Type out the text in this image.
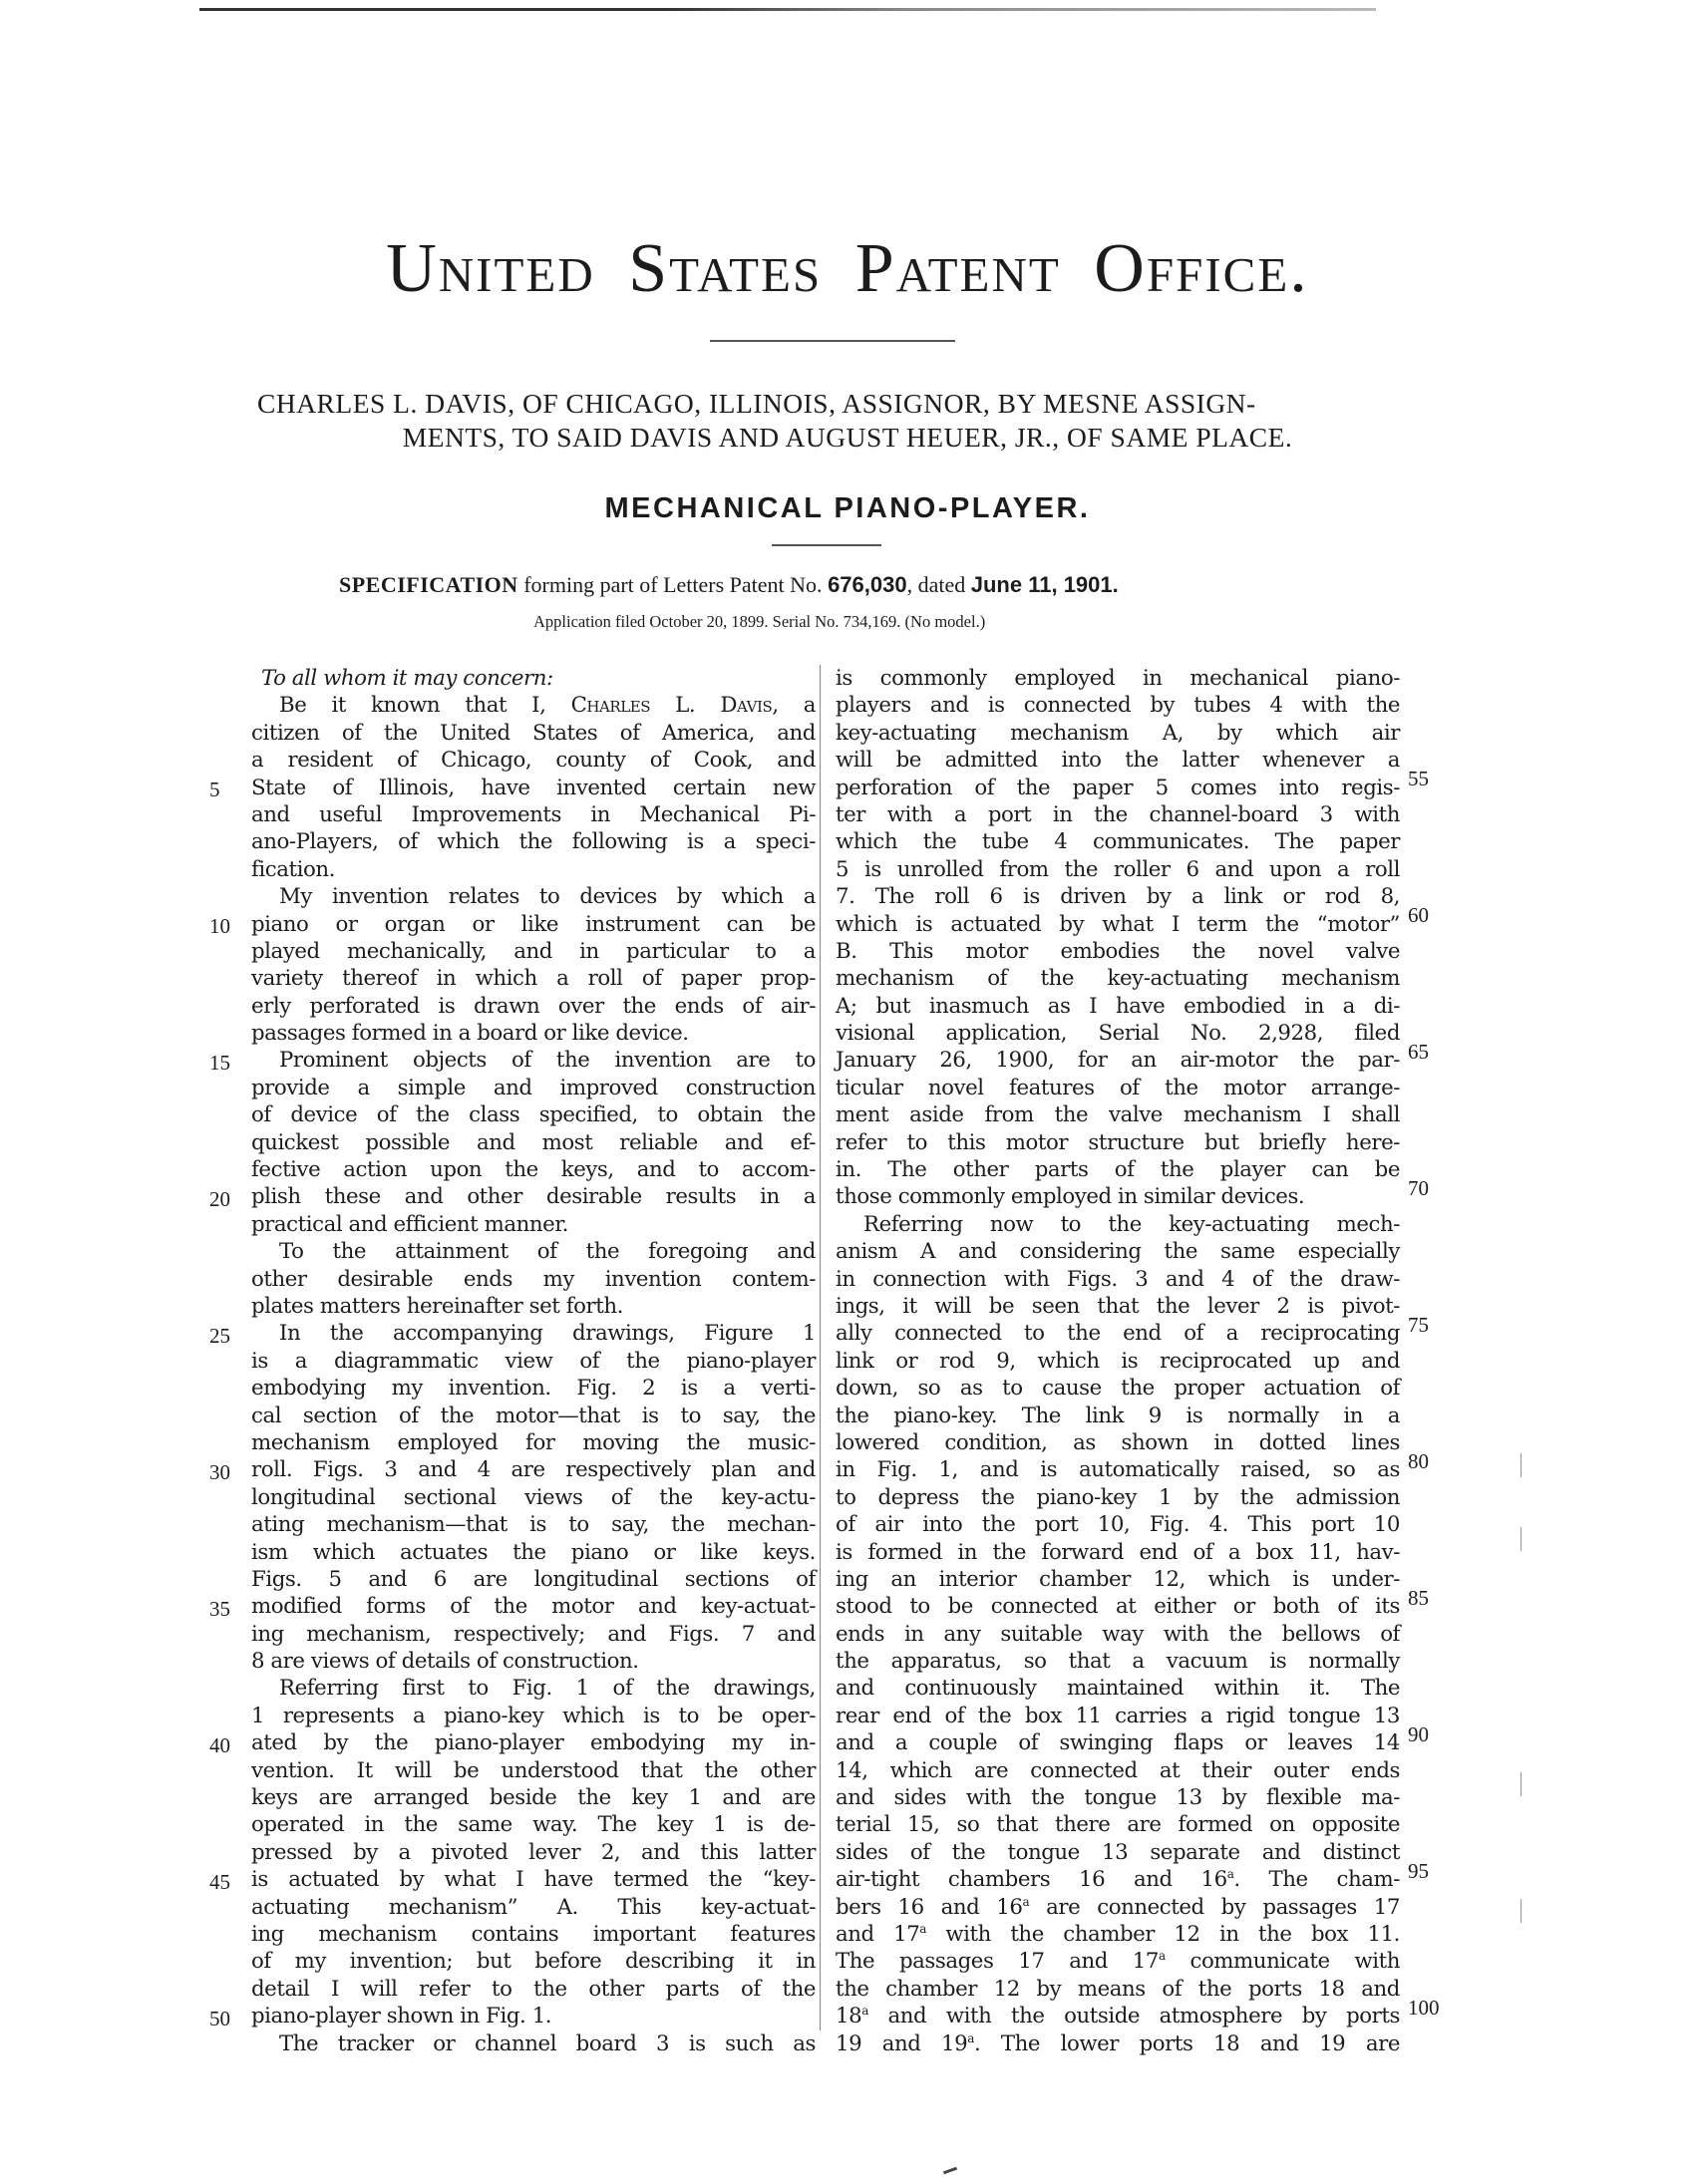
United States Patent Office.
CHARLES L. DAVIS, OF CHICAGO, ILLINOIS, ASSIGNOR, BY MESNE ASSIGN-
MENTS, TO SAID DAVIS AND AUGUST HEUER, JR., OF SAME PLACE.
MECHANICAL PIANO-PLAYER.
SPECIFICATION forming part of Letters Patent No. 676,030, dated June 11, 1901.
Application filed October 20, 1899. Serial No. 734,169. (No model.)
To all whom it may concern:
Be it known that I, Charles L. Davis, a
citizen of the United States of America, and
a resident of Chicago, county of Cook, and
State of Illinois, have invented certain new
and useful Improvements in Mechanical Pi-
ano-Players, of which the following is a speci-
fication.
My invention relates to devices by which a
piano or organ or like instrument can be
played mechanically, and in particular to a
variety thereof in which a roll of paper prop-
erly perforated is drawn over the ends of air-
passages formed in a board or like device.
Prominent objects of the invention are to
provide a simple and improved construction
of device of the class specified, to obtain the
quickest possible and most reliable and ef-
fective action upon the keys, and to accom-
plish these and other desirable results in a
practical and efficient manner.
To the attainment of the foregoing and
other desirable ends my invention contem-
plates matters hereinafter set forth.
In the accompanying drawings, Figure 1
is a diagrammatic view of the piano-player
embodying my invention. Fig. 2 is a verti-
cal section of the motor—that is to say, the
mechanism employed for moving the music-
roll. Figs. 3 and 4 are respectively plan and
longitudinal sectional views of the key-actu-
ating mechanism—that is to say, the mechan-
ism which actuates the piano or like keys.
Figs. 5 and 6 are longitudinal sections of
modified forms of the motor and key-actuat-
ing mechanism, respectively; and Figs. 7 and
8 are views of details of construction.
Referring first to Fig. 1 of the drawings,
1 represents a piano-key which is to be oper-
ated by the piano-player embodying my in-
vention. It will be understood that the other
keys are arranged beside the key 1 and are
operated in the same way. The key 1 is de-
pressed by a pivoted lever 2, and this latter
is actuated by what I have termed the “key-
actuating mechanism” A. This key-actuat-
ing mechanism contains important features
of my invention; but before describing it in
detail I will refer to the other parts of the
piano-player shown in Fig. 1.
The tracker or channel board 3 is such as
is commonly employed in mechanical piano-
players and is connected by tubes 4 with the
key-actuating mechanism A, by which air
will be admitted into the latter whenever a
perforation of the paper 5 comes into regis-
ter with a port in the channel-board 3 with
which the tube 4 communicates. The paper
5 is unrolled from the roller 6 and upon a roll
7. The roll 6 is driven by a link or rod 8,
which is actuated by what I term the “motor”
B. This motor embodies the novel valve
mechanism of the key-actuating mechanism
A; but inasmuch as I have embodied in a di-
visional application, Serial No. 2,928, filed
January 26, 1900, for an air-motor the par-
ticular novel features of the motor arrange-
ment aside from the valve mechanism I shall
refer to this motor structure but briefly here-
in. The other parts of the player can be
those commonly employed in similar devices.
Referring now to the key-actuating mech-
anism A and considering the same especially
in connection with Figs. 3 and 4 of the draw-
ings, it will be seen that the lever 2 is pivot-
ally connected to the end of a reciprocating
link or rod 9, which is reciprocated up and
down, so as to cause the proper actuation of
the piano-key. The link 9 is normally in a
lowered condition, as shown in dotted lines
in Fig. 1, and is automatically raised, so as
to depress the piano-key 1 by the admission
of air into the port 10, Fig. 4. This port 10
is formed in the forward end of a box 11, hav-
ing an interior chamber 12, which is under-
stood to be connected at either or both of its
ends in any suitable way with the bellows of
the apparatus, so that a vacuum is normally
and continuously maintained within it. The
rear end of the box 11 carries a rigid tongue 13
and a couple of swinging flaps or leaves 14
14, which are connected at their outer ends
and sides with the tongue 13 by flexible ma-
terial 15, so that there are formed on opposite
sides of the tongue 13 separate and distinct
air-tight chambers 16 and 16$^a$. The cham-
bers 16 and 16$^a$ are connected by passages 17
and 17$^a$ with the chamber 12 in the box 11.
The passages 17 and 17$^a$ communicate with
the chamber 12 by means of the ports 18 and
18$^a$ and with the outside atmosphere by ports
19 and 19$^a$. The lower ports 18 and 19 are
5
10
15
20
25
30
35
40
45
50
55
60
65
70
75
80
85
90
95
100
